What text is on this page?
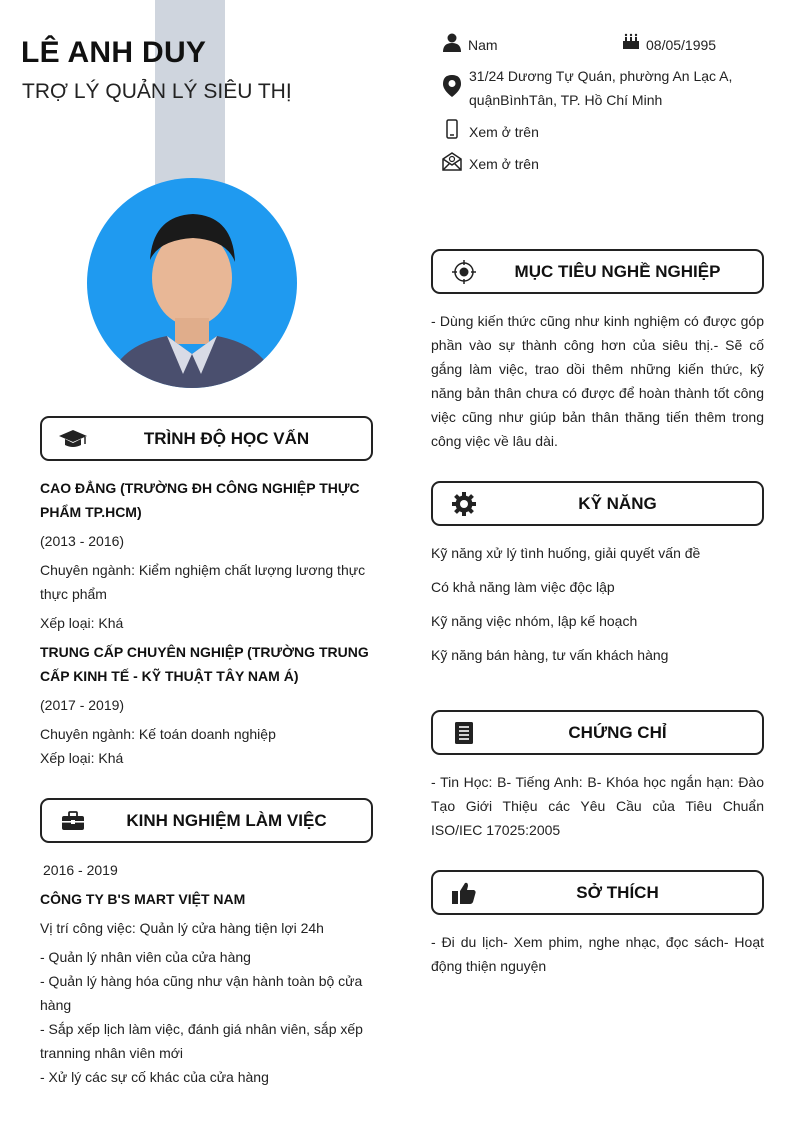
LÊ ANH DUY
TRỢ LÝ QUẢN LÝ SIÊU THỊ
Nam	08/05/1995
31/24 Dương Tự Quán, phường An Lạc A, quậnBìnhTân, TP. Hồ Chí Minh
Xem ở trên
Xem ở trên
TRÌNH ĐỘ HỌC VẤN
CAO ĐẲNG (TRƯỜNG ĐH CÔNG NGHIỆP THỰC PHẨM TP.HCM)
(2013 - 2016)
Chuyên ngành: Kiểm nghiệm chất lượng lương thực thực phẩm
Xếp loại: Khá
TRUNG CẤP CHUYÊN NGHIỆP (TRƯỜNG TRUNG CẤP KINH TẾ - KỸ THUẬT TÂY NAM Á)
(2017 - 2019)
Chuyên ngành: Kế toán doanh nghiệp
Xếp loại: Khá
KINH NGHIỆM LÀM VIỆC
2016 - 2019
CÔNG TY B'S MART VIỆT NAM
Vị trí công việc: Quản lý cửa hàng tiện lợi 24h
- Quản lý nhân viên của cửa hàng
- Quản lý hàng hóa cũng như vận hành toàn bộ cửa hàng
- Sắp xếp lịch làm việc, đánh giá nhân viên, sắp xếp tranning nhân viên mới
- Xử lý các sự cố khác của cửa hàng
MỤC TIÊU NGHỀ NGHIỆP
- Dùng kiến thức cũng như kinh nghiệm có được góp phần vào sự thành công hơn của siêu thị.- Sẽ cố gắng làm việc, trao dồi thêm những kiến thức, kỹ năng bản thân chưa có được để hoàn thành tốt công việc cũng như giúp bản thân thăng tiến thêm trong công việc về lâu dài.
KỸ NĂNG
Kỹ năng xử lý tình huống, giải quyết vấn đề
Có khả năng làm việc độc lập
Kỹ năng việc nhóm, lập kế hoạch
Kỹ năng bán hàng, tư vấn khách hàng
CHỨNG CHỈ
- Tin Học: B- Tiếng Anh: B- Khóa học ngắn hạn: Đào Tạo Giới Thiệu các Yêu Cầu của Tiêu Chuẩn ISO/IEC 17025:2005
SỞ THÍCH
- Đi du lịch- Xem phim, nghe nhạc, đọc sách- Hoạt động thiện nguyện
